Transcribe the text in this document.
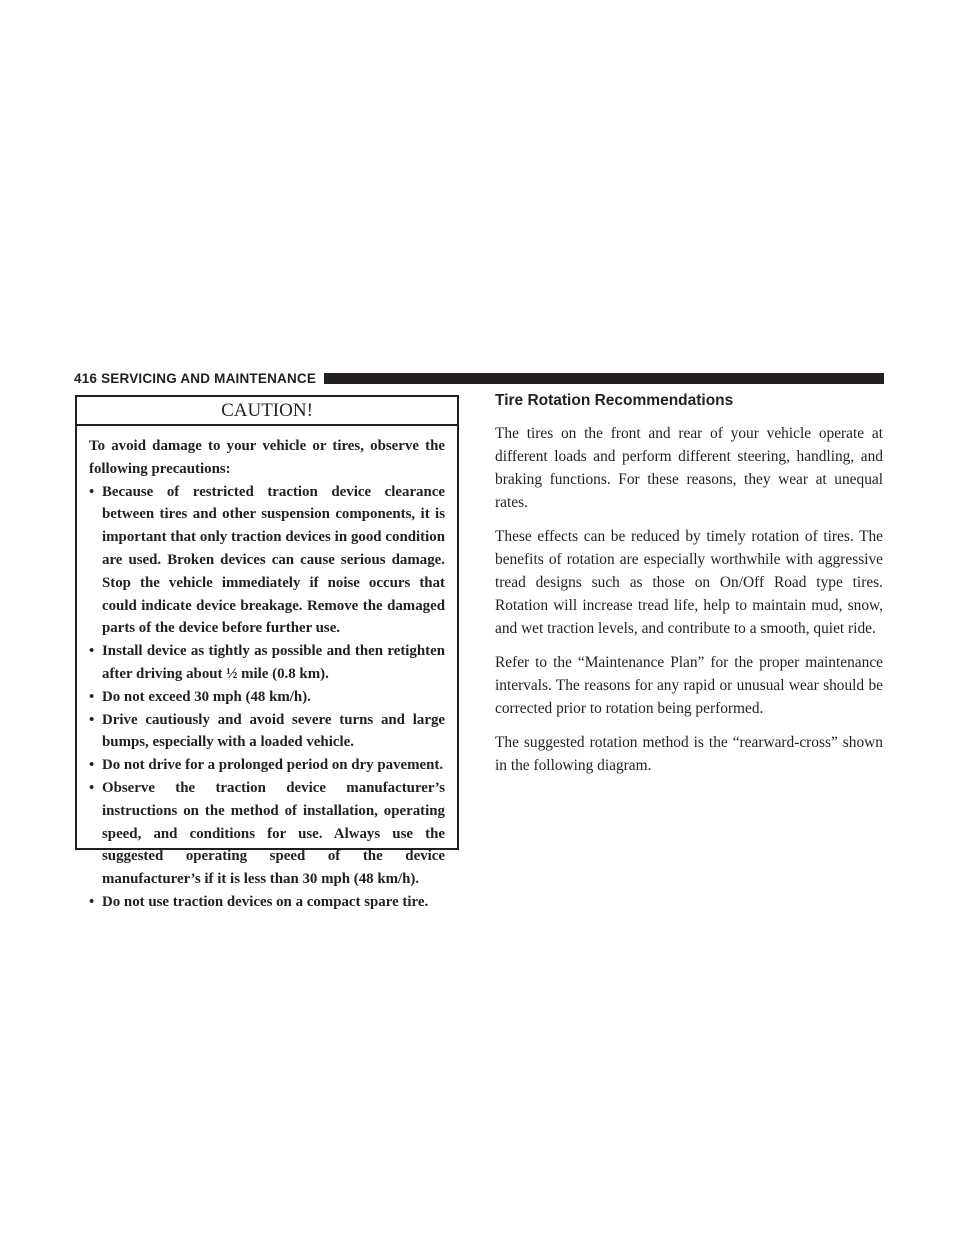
416 SERVICING AND MAINTENANCE
CAUTION!

To avoid damage to your vehicle or tires, observe the following precautions:

• Because of restricted traction device clearance between tires and other suspension components, it is important that only traction devices in good condition are used. Broken devices can cause serious damage. Stop the vehicle immediately if noise occurs that could indicate device breakage. Remove the damaged parts of the device before further use.
• Install device as tightly as possible and then retighten after driving about ½ mile (0.8 km).
• Do not exceed 30 mph (48 km/h).
• Drive cautiously and avoid severe turns and large bumps, especially with a loaded vehicle.
• Do not drive for a prolonged period on dry pavement.
• Observe the traction device manufacturer’s instructions on the method of installation, operating speed, and conditions for use. Always use the suggested operating speed of the device manufacturer’s if it is less than 30 mph (48 km/h).
• Do not use traction devices on a compact spare tire.
Tire Rotation Recommendations

The tires on the front and rear of your vehicle operate at different loads and perform different steering, handling, and braking functions. For these reasons, they wear at unequal rates.

These effects can be reduced by timely rotation of tires. The benefits of rotation are especially worthwhile with aggressive tread designs such as those on On/Off Road type tires. Rotation will increase tread life, help to maintain mud, snow, and wet traction levels, and contribute to a smooth, quiet ride.

Refer to the “Maintenance Plan” for the proper maintenance intervals. The reasons for any rapid or unusual wear should be corrected prior to rotation being performed.

The suggested rotation method is the “rearward-cross” shown in the following diagram.
